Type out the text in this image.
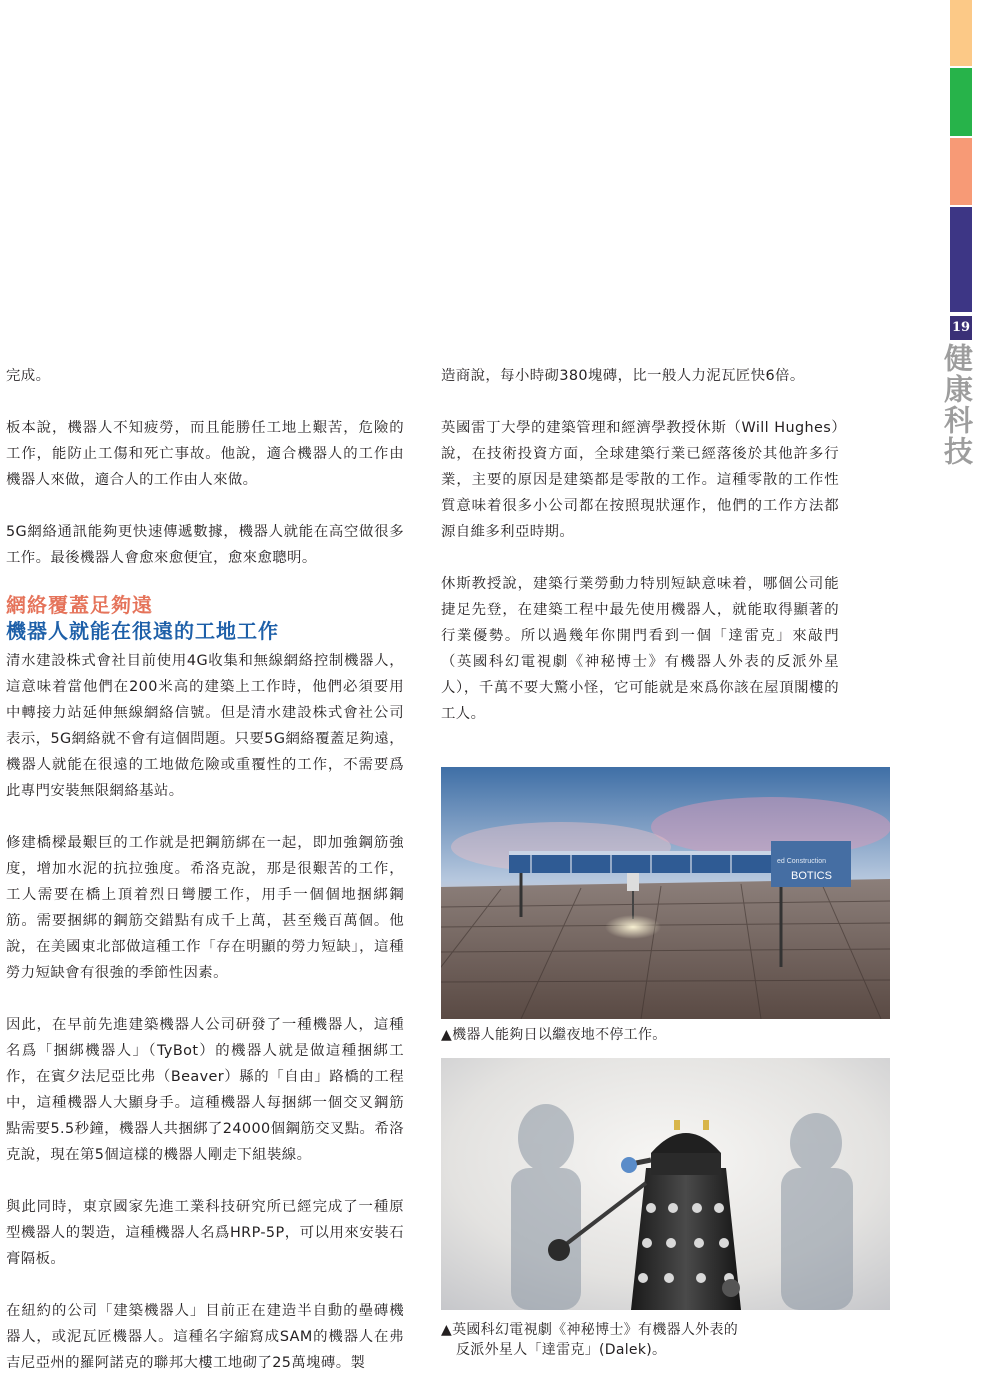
19
健康科技

完成。

板本說，機器人不知疲勞，而且能勝任工地上艱苦，危險的工作，能防止工傷和死亡事故。他說，適合機器人的工作由機器人來做，適合人的工作由人來做。

5G網絡通訊能夠更快速傳遞數據，機器人就能在高空做很多工作。最後機器人會愈來愈便宜，愈來愈聰明。

網絡覆蓋足夠遠
機器人就能在很遠的工地工作

清水建設株式會社目前使用4G收集和無線網絡控制機器人，這意味着當他們在200米高的建築上工作時，他們必須要用中轉接力站延伸無線網絡信號。但是清水建設株式會社公司表示，5G網絡就不會有這個問題。只要5G網絡覆蓋足夠遠，機器人就能在很遠的工地做危險或重覆性的工作，不需要爲此專門安裝無限網絡基站。

修建橋樑最艱巨的工作就是把鋼筋綁在一起，即加強鋼筋強度，增加水泥的抗拉強度。希洛克說，那是很艱苦的工作，工人需要在橋上頂着烈日彎腰工作，用手一個個地捆綁鋼筋。需要捆綁的鋼筋交錯點有成千上萬，甚至幾百萬個。他說，在美國東北部做這種工作「存在明顯的勞力短缺」，這種勞力短缺會有很強的季節性因素。

因此，在早前先進建築機器人公司研發了一種機器人，這種名爲「捆綁機器人」（TyBot）的機器人就是做這種捆綁工作，在賓夕法尼亞比弗（Beaver）縣的「自由」路橋的工程中，這種機器人大顯身手。這種機器人每捆綁一個交叉鋼筋點需要5.5秒鐘，機器人共捆綁了24000個鋼筋交叉點。希洛克說，現在第5個這樣的機器人剛走下組裝線。

與此同時，東京國家先進工業科技研究所已經完成了一種原型機器人的製造，這種機器人名爲HRP-5P，可以用來安裝石膏隔板。

在紐約的公司「建築機器人」目前正在建造半自動的壘磚機器人，或泥瓦匠機器人。這種名字縮寫成SAM的機器人在弗吉尼亞州的羅阿諾克的聯邦大樓工地砌了25萬塊磚。製

造商說，每小時砌380塊磚，比一般人力泥瓦匠快6倍。

英國雷丁大學的建築管理和經濟學教授休斯（Will Hughes）說，在技術投資方面，全球建築行業已經落後於其他許多行業，主要的原因是建築都是零散的工作。這種零散的工作性質意味着很多小公司都在按照現狀運作，他們的工作方法都源自維多利亞時期。

休斯教授說，建築行業勞動力特別短缺意味着，哪個公司能捷足先登，在建築工程中最先使用機器人，就能取得顯著的行業優勢。所以過幾年你開門看到一個「達雷克」來敲門（英國科幻電視劇《神秘博士》有機器人外表的反派外星人），千萬不要大驚小怪，它可能就是來爲你該在屋頂閣樓的工人。

ed Construction
BOTICS
▲機器人能夠日以繼夜地不停工作。
▲英國科幻電視劇《神秘博士》有機器人外表的
反派外星人「達雷克」(Dalek)。
